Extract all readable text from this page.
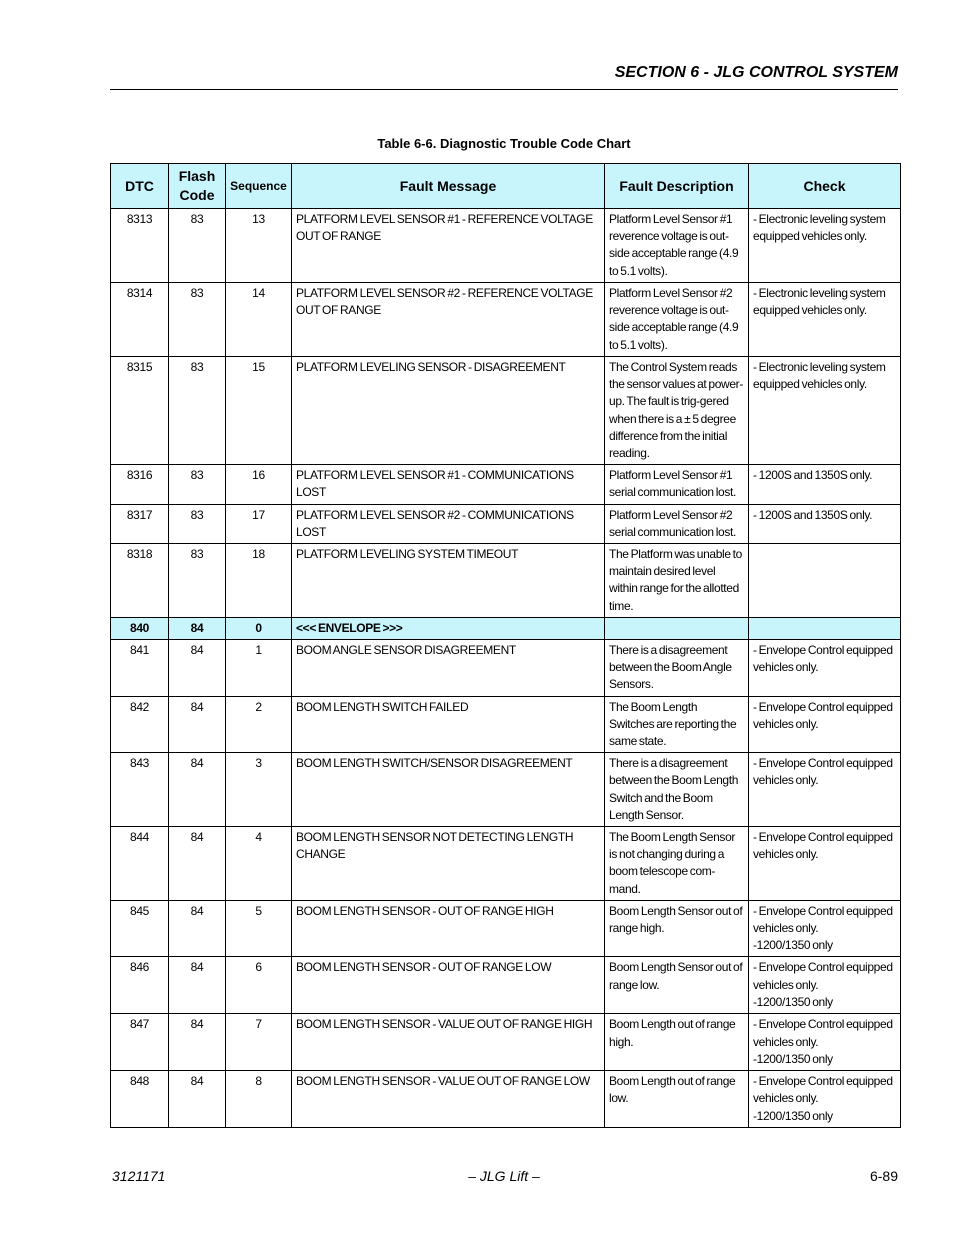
SECTION 6 - JLG CONTROL SYSTEM
Table 6-6. Diagnostic Trouble Code Chart
DTC	Flash Code	Sequence	Fault Message	Fault Description	Check
8313	83	13	PLATFORM LEVEL SENSOR #1 - REFERENCE VOLTAGE OUT OF RANGE	Platform Level Sensor #1 reverence voltage is out-side acceptable range (4.9 to 5.1 volts).	- Electronic leveling system equipped vehicles only.
8314	83	14	PLATFORM LEVEL SENSOR #2 - REFERENCE VOLTAGE OUT OF RANGE	Platform Level Sensor #2 reverence voltage is out-side acceptable range (4.9 to 5.1 volts).	- Electronic leveling system equipped vehicles only.
8315	83	15	PLATFORM LEVELING SENSOR - DISAGREEMENT	The Control System reads the sensor values at power-up. The fault is trig-gered when there is a ± 5 degree difference from the initial reading.	- Electronic leveling system equipped vehicles only.
8316	83	16	PLATFORM LEVEL SENSOR #1 - COMMUNICATIONS LOST	Platform Level Sensor #1 serial communication lost.	- 1200S and 1350S only.
8317	83	17	PLATFORM LEVEL SENSOR #2 - COMMUNICATIONS LOST	Platform Level Sensor #2 serial communication lost.	- 1200S and 1350S only.
8318	83	18	PLATFORM LEVELING SYSTEM TIMEOUT	The Platform was unable to maintain desired level within range for the allotted time.	
840	84	0	<<< ENVELOPE >>>		
841	84	1	BOOM ANGLE SENSOR DISAGREEMENT	There is a disagreement between the Boom Angle Sensors.	- Envelope Control equipped vehicles only.
842	84	2	BOOM LENGTH SWITCH FAILED	The Boom Length Switches are reporting the same state.	- Envelope Control equipped vehicles only.
843	84	3	BOOM LENGTH SWITCH/SENSOR DISAGREEMENT	There is a disagreement between the Boom Length Switch and the Boom Length Sensor.	- Envelope Control equipped vehicles only.
844	84	4	BOOM LENGTH SENSOR NOT DETECTING LENGTH CHANGE	The Boom Length Sensor is not changing during a boom telescope com-mand.	- Envelope Control equipped vehicles only.
845	84	5	BOOM LENGTH SENSOR - OUT OF RANGE HIGH	Boom Length Sensor out of range high.	- Envelope Control equipped vehicles only.
-1200/1350 only
846	84	6	BOOM LENGTH SENSOR - OUT OF RANGE LOW	Boom Length Sensor out of range low.	- Envelope Control equipped vehicles only.
-1200/1350 only
847	84	7	BOOM LENGTH SENSOR - VALUE OUT OF RANGE HIGH	Boom Length out of range high.	- Envelope Control equipped vehicles only.
-1200/1350 only
848	84	8	BOOM LENGTH SENSOR - VALUE OUT OF RANGE LOW	Boom Length out of range low.	- Envelope Control equipped vehicles only.
-1200/1350 only
3121171	– JLG Lift –	6-89
